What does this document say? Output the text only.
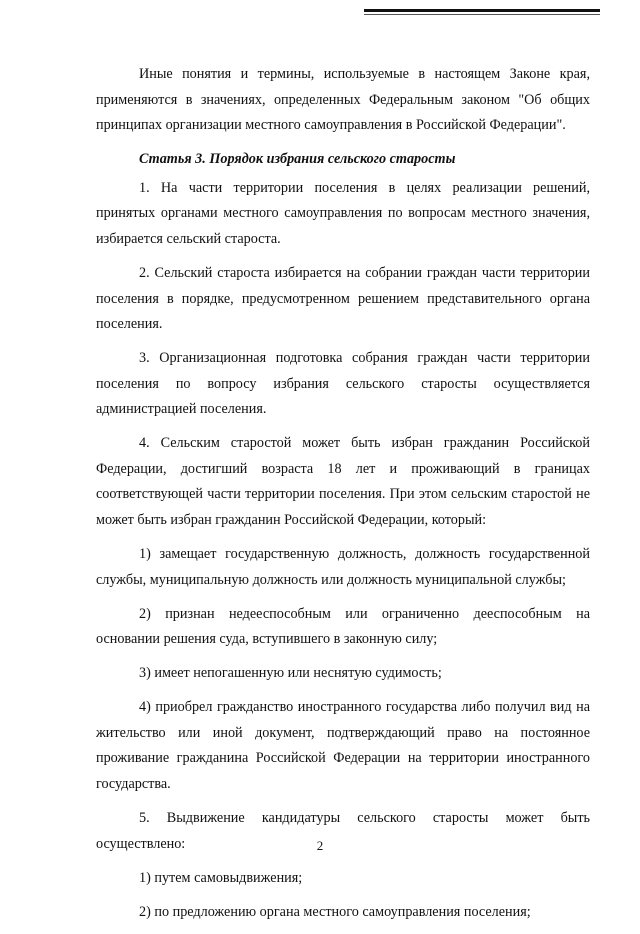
Иные понятия и термины, используемые в настоящем Законе края, применяются в значениях, определенных Федеральным законом "Об общих принципах организации местного самоуправления в Российской Федерации".

Статья 3. Порядок избрания сельского старосты

1. На части территории поселения в целях реализации решений, принятых органами местного самоуправления по вопросам местного значения, избирается сельский староста.

2. Сельский староста избирается на собрании граждан части территории поселения в порядке, предусмотренном решением представительного органа поселения.

3. Организационная подготовка собрания граждан части территории поселения по вопросу избрания сельского старосты осуществляется администрацией поселения.

4. Сельским старостой может быть избран гражданин Российской Федерации, достигший возраста 18 лет и проживающий в границах соответствующей части территории поселения. При этом сельским старостой не может быть избран гражданин Российской Федерации, который:

1) замещает государственную должность, должность государственной службы, муниципальную должность или должность муниципальной службы;

2) признан недееспособным или ограниченно дееспособным на основании решения суда, вступившего в законную силу;

3) имеет непогашенную или неснятую судимость;

4) приобрел гражданство иностранного государства либо получил вид на жительство или иной документ, подтверждающий право на постоянное проживание гражданина Российской Федерации на территории иностранного государства.

5. Выдвижение кандидатуры сельского старосты может быть осуществлено:

1) путем самовыдвижения;

2) по предложению органа местного самоуправления поселения;

2
